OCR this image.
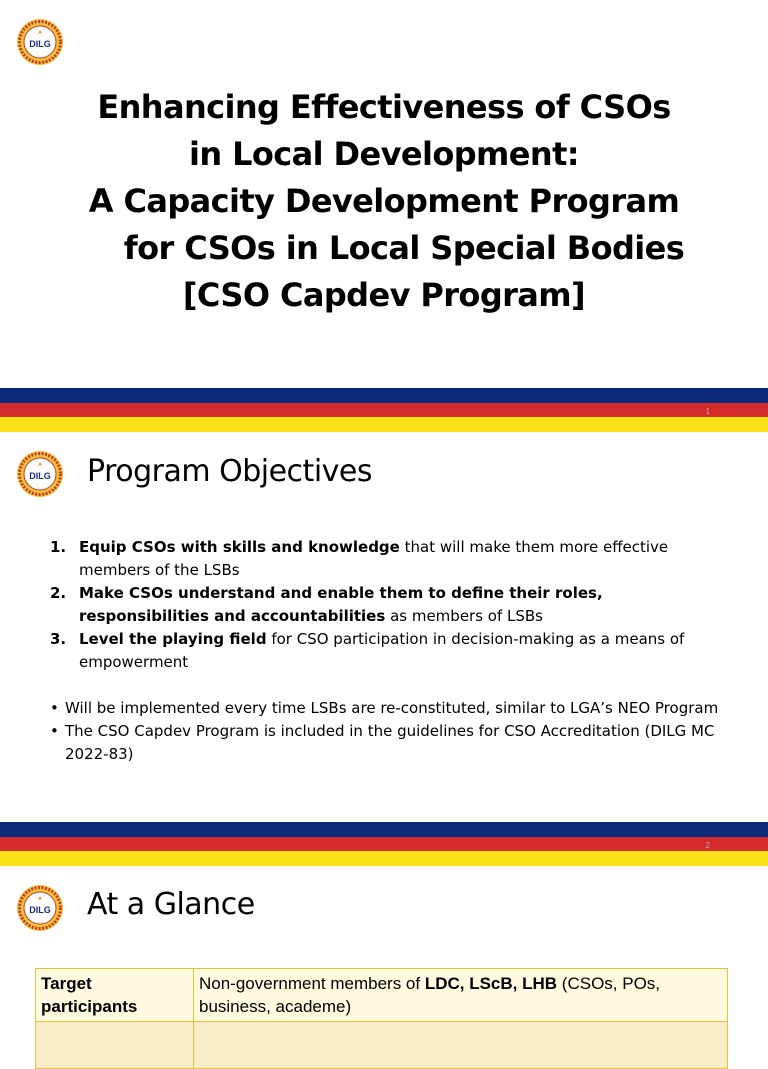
DILG
Enhancing Effectiveness of CSOs
in Local Development:
A Capacity Development Program
for CSOs in Local Special Bodies
[CSO Capdev Program]
1
DILG Program Objectives
2
1. Equip CSOs with skills and knowledge that will make them more effective members of the LSBs
2. Make CSOs understand and enable them to define their roles, responsibilities and accountabilities as members of LSBs
3. Level the playing field for CSO participation in decision-making as a means of empowerment
• Will be implemented every time LSBs are re-constituted, similar to LGA’s NEO Program
• The CSO Capdev Program is included in the guidelines for CSO Accreditation (DILG MC 2022-83)
DILG At a Glance
Target participants	Non-government members of LDC, LScB, LHB (CSOs, POs, business, academe)
